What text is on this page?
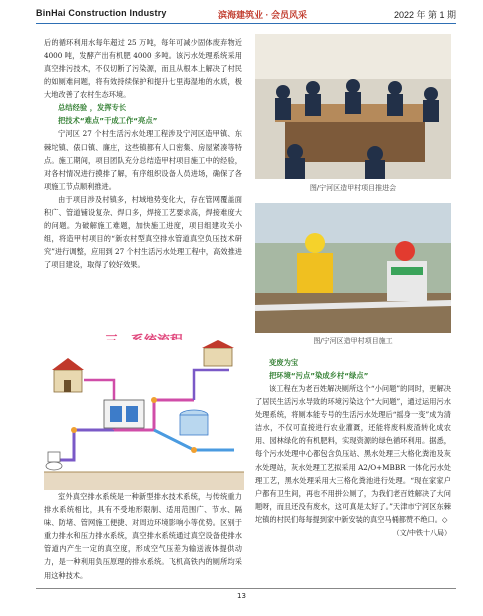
BinHai Construction Industry	滨海建筑业 · 会员风采	2022 年 第 1 期

后的循环利用水每年超过 25 万吨，每年可减少固体废弃物近 4000 吨，发酵产出有机肥 4000 多吨。该污水处理系统采用真空排污技术，不仅切断了污染源，而且从根本上解决了村民的如厕难问题，将有效持续保护和提升七里海湿地的水质，极大地改善了农村生态环境。

总结经验 ，发挥专长

把技术“难点”干成工作“亮点”

宁河区 27 个村生活污水处理工程涉及宁河区造甲镇、东棘坨镇、俵口镇、廉庄，这些镇都有人口密集、房屋紧凑等特点。施工期间，项目团队充分总结造甲村项目施工中的经验，对各村情况进行摸排了解，有序组织设备人员进场，确保了各项施工节点顺利推进。

由于项目涉及村镇多，村域地势变化大，存在管网覆盖面积广、管道铺设复杂、焊口多，焊接工艺要求高，焊接难度大的问题。为破解施工难题，加快施工进度，项目组建攻关小组，将造甲村项目的“新农村型真空排水管道真空负压技术研究”进行调整，应用到 27 个村生活污水处理工程中，高效推进了项目建设，取得了较好效果。

室外真空排水系统是一种新型排水技术系统，与传统重力排水系统相比，具有不受地形限制、适用范围广、节水、隔味、防堵、管网施工便捷、对周边环境影响小等优势。区别于重力排水和压力排水系统，真空排水系统通过真空设备使排水管道内产生一定的真空度，形成空气压差为输送液体提供动力，是一种利用负压原理的排水系统。飞机高铁内的厕所均采用这种技术。

图/宁河区造甲村项目推进会
图/宁河区造甲村项目施工

变废为宝

把环境“污点”染成乡村“绿点”

该工程在为老百姓解决厕所这个“小问题”的同时，更解决了居民生活污水导致的环境污染这个“大问题”，通过运用污水处理系统，将厕本能专号的生活污水处理后“摇身一变”成为清洁水，不仅可直接进行农业灌溉，还能将废料废渣转化成农用、园林绿化的有机肥料，实现资源的绿色循环利用。据悉，每个污水处理中心都包含负压站、黑水处理三大格化粪池及灰水处理站，灰水处理工艺拟采用 A2/O+MBBR 一体化污水处理工艺，黑水处理采用大三格化粪池进行处理。“现在家家户户都有卫生间，再也不用拼公厕了，为我们老百姓解决了大问题呀，而且还没有废水，这可真是太好了。”天津市宁河区东棘坨镇的村民们每每提到家中新安装的真空马桶都赞不绝口。◇

（文/中铁十八局）
13
